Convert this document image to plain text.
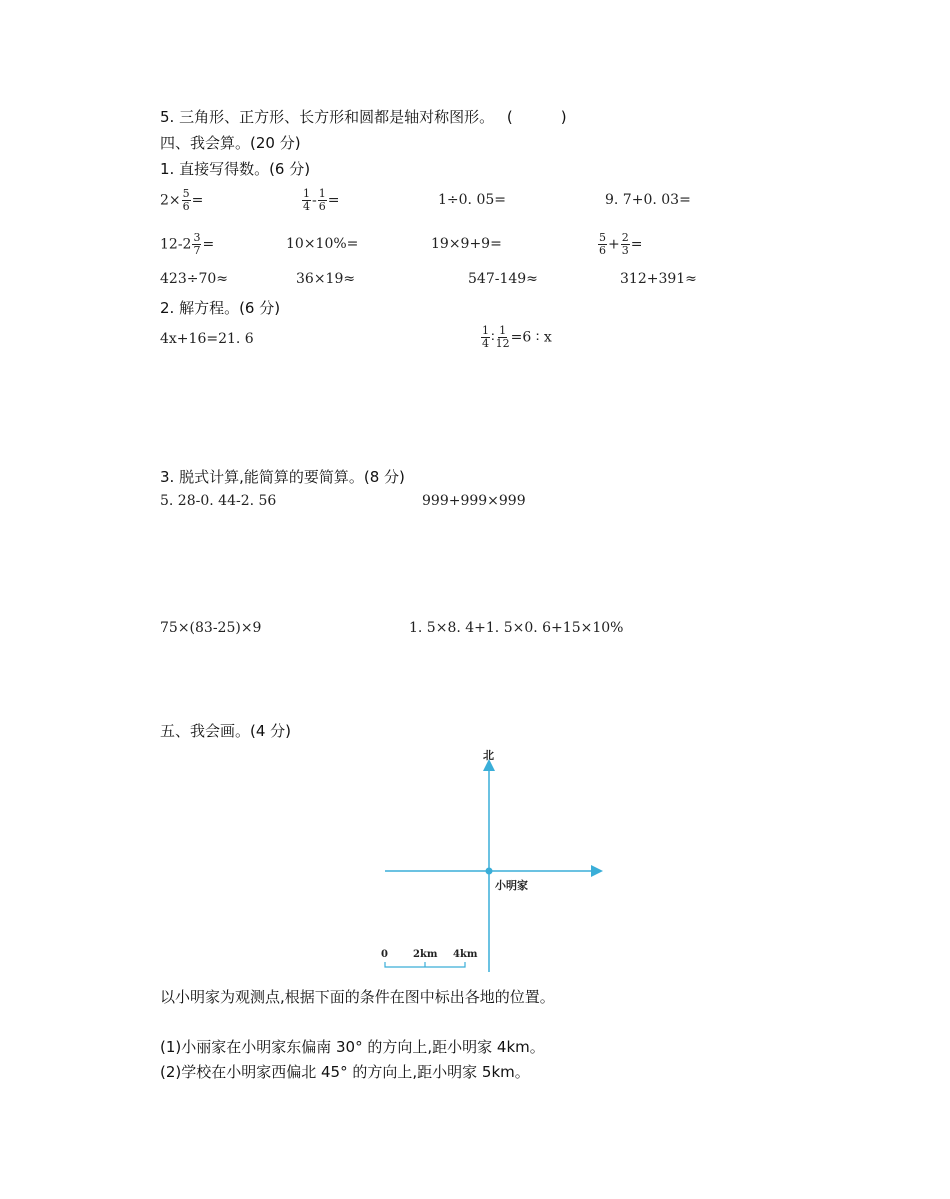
5. 三角形、正方形、长方形和圆都是轴对称图形。 (	)
四、我会算。(20 分)
1. 直接写得数。(6 分)
$2\times \frac{5}{6}$ =	$\frac{1}{4} - \frac{1}{6}$ =	1÷0. 05=	9. 7+0. 03=
$12-2 \frac{3}{7}$ =	10×10%=	19×9+9=	$\frac{5}{6} + \frac{2}{3}$ =
423÷70≈	36×19≈	547-149≈	312+391≈
2. 解方程。(6 分)
4x+16=21. 6	$\frac{1}{4}$ ∶ $\frac{1}{12} =6$ ∶ x
3. 脱式计算,能简算的要简算。(8 分)
5. 28-0. 44-2. 56	999+999×999
75×(83-25)×9	1. 5×8. 4+1. 5×0. 6+15×10%
五、我会画。(4 分)
北
小明家
0	2km 4km
以小明家为观测点,根据下面的条件在图中标出各地的位置。
(1)小丽家在小明家东偏南 30° 的方向上,距小明家 4km。
(2)学校在小明家西偏北 45° 的方向上,距小明家 5km。
